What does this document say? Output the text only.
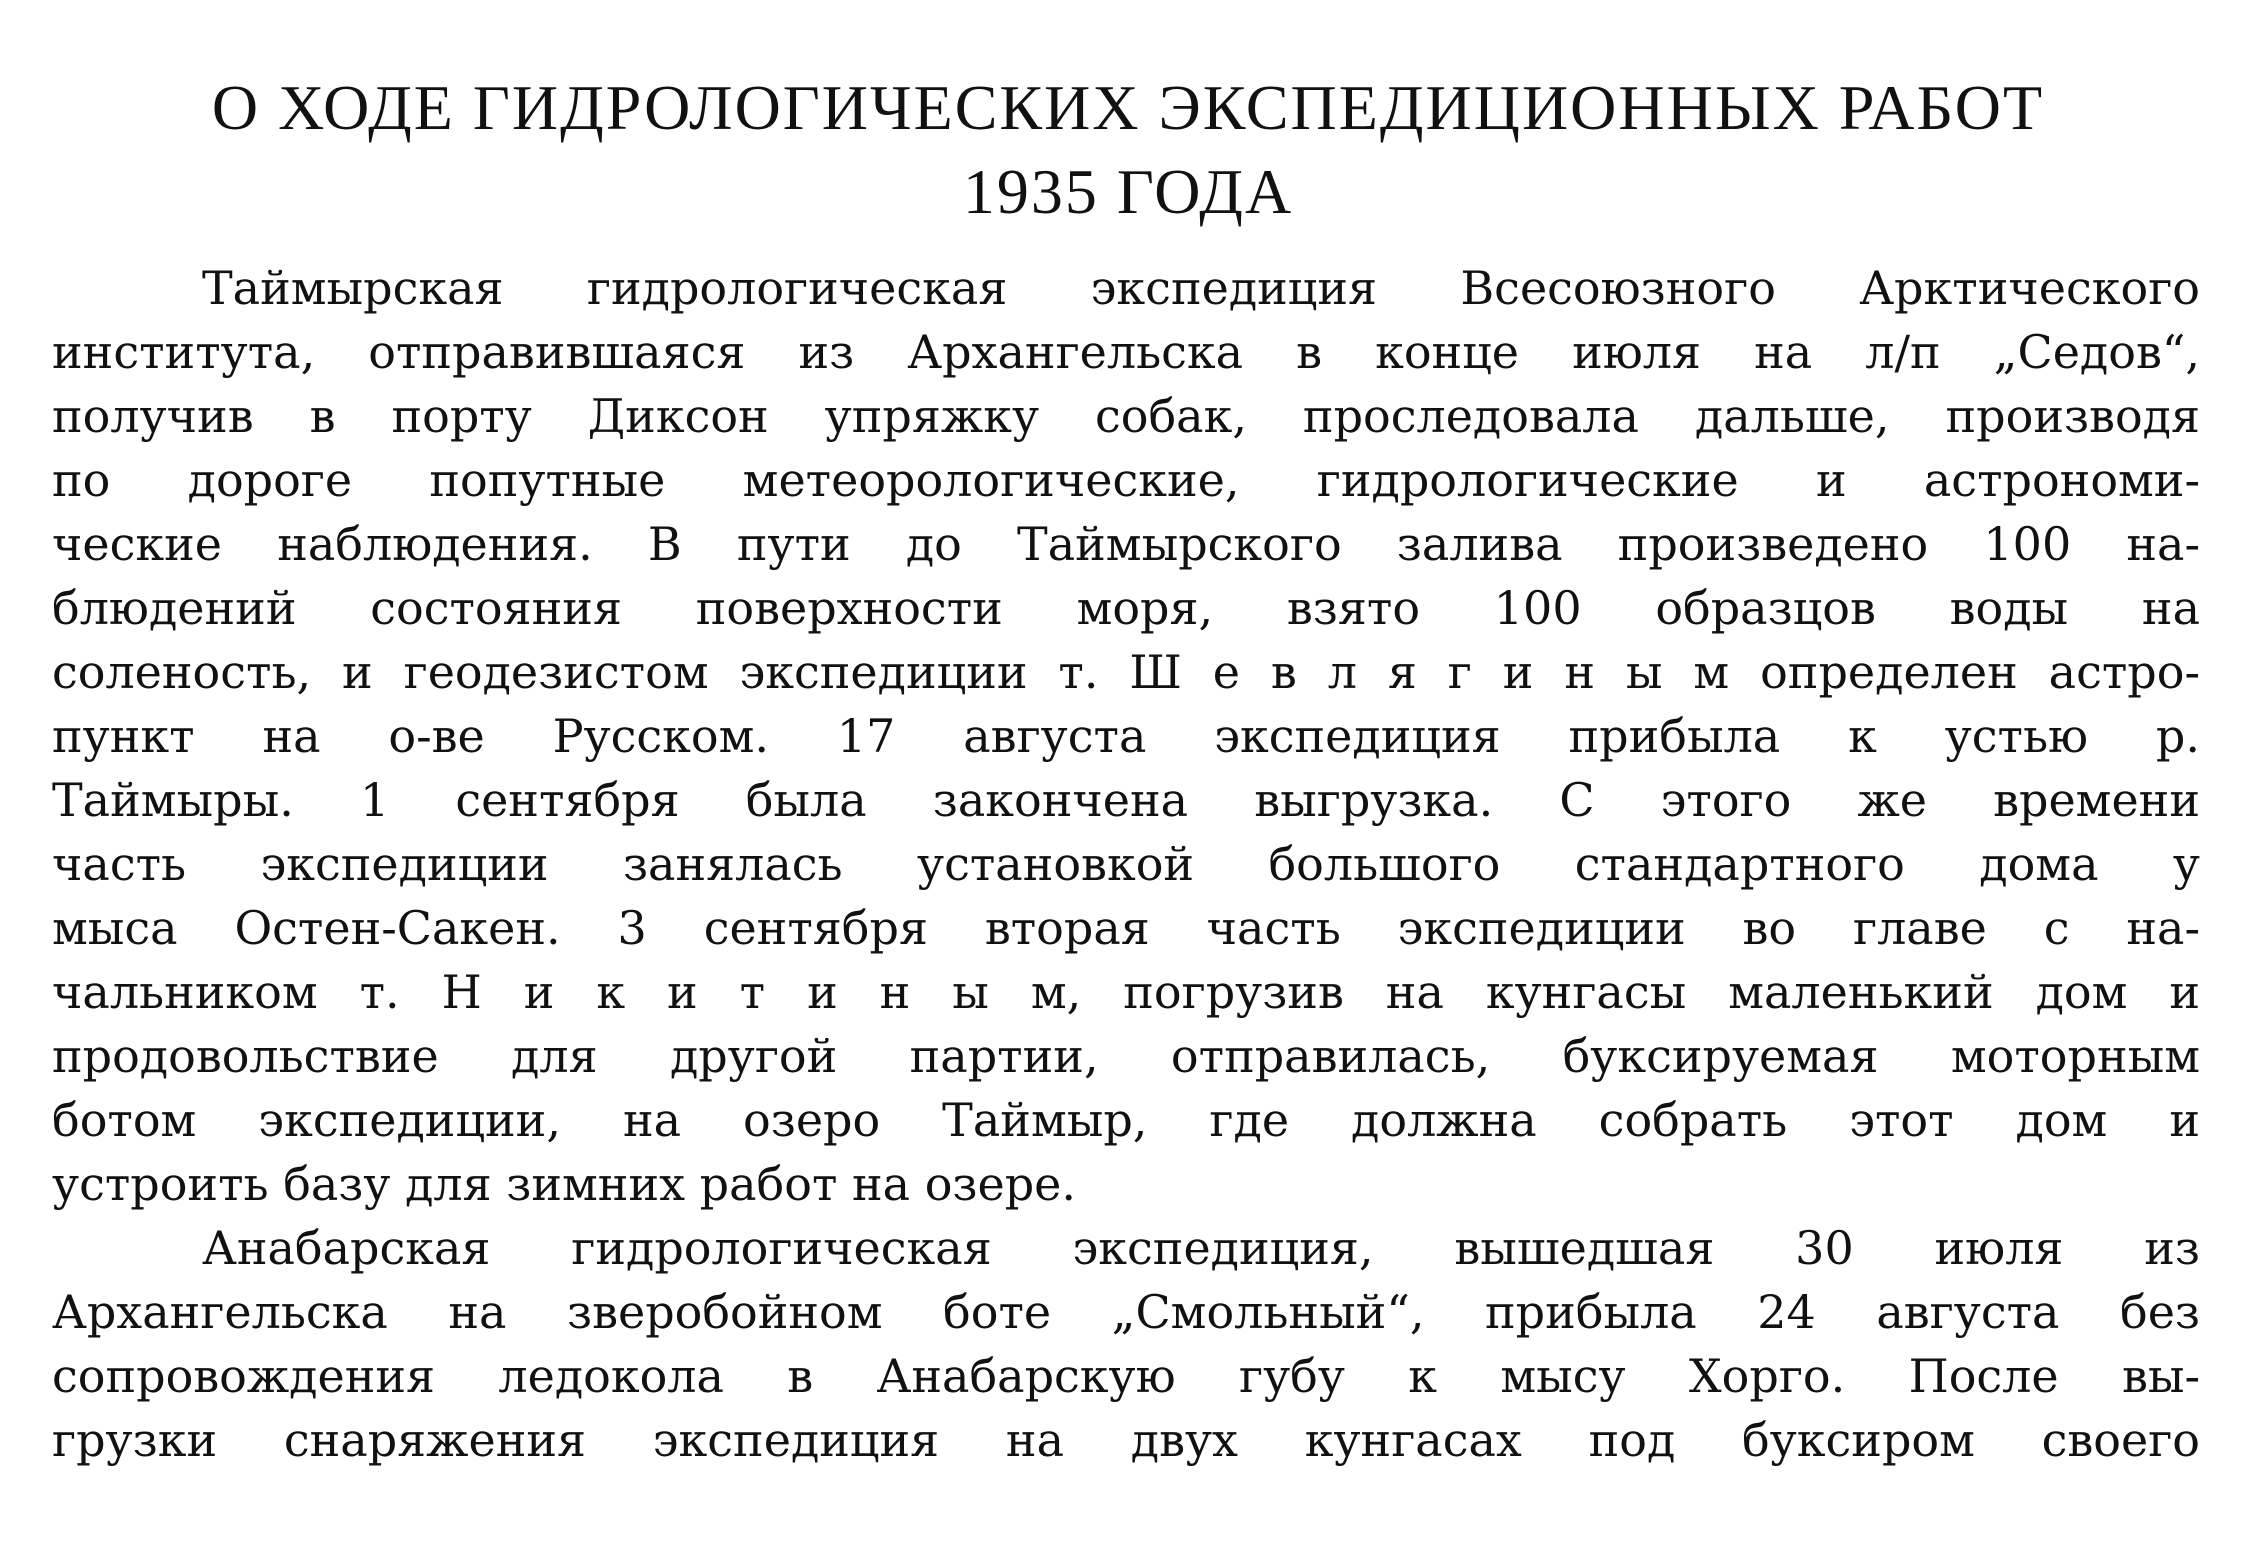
О ХОДЕ ГИДРОЛОГИЧЕСКИХ ЭКСПЕДИЦИОННЫХ РАБОТ
1935 ГОДА
Таймырская гидрологическая экспедиция Всесоюзного Арктического
института, отправившаяся из Архангельска в конце июля на л/п „Седов“,
получив в порту Диксон упряжку собак, проследовала дальше, производя
по дороге попутные метеорологические, гидрологические и астрономи-
ческие наблюдения. В пути до Таймырского залива произведено 100 на-
блюдений состояния поверхности моря, взято 100 образцов воды на
соленость, и геодезистом экспедиции т. Ш е в л я г и н ы м определен астро-
пункт на о-ве Русском. 17 августа экспедиция прибыла к устью р.
Таймыры. 1 сентября была закончена выгрузка. С этого же времени
часть экспедиции занялась установкой большого стандартного дома у
мыса Остен-Сакен. 3 сентября вторая часть экспедиции во главе с на-
чальником т. Н и к и т и н ы м, погрузив на кунгасы маленький дом и
продовольствие для другой партии, отправилась, буксируемая моторным
ботом экспедиции, на озеро Таймыр, где должна собрать этот дом и
устроить базу для зимних работ на озере.
Анабарская гидрологическая экспедиция, вышедшая 30 июля из
Архангельска на зверобойном боте „Смольный“, прибыла 24 августа без
сопровождения ледокола в Анабарскую губу к мысу Хорго. После вы-
грузки снаряжения экспедиция на двух кунгасах под буксиром своего
